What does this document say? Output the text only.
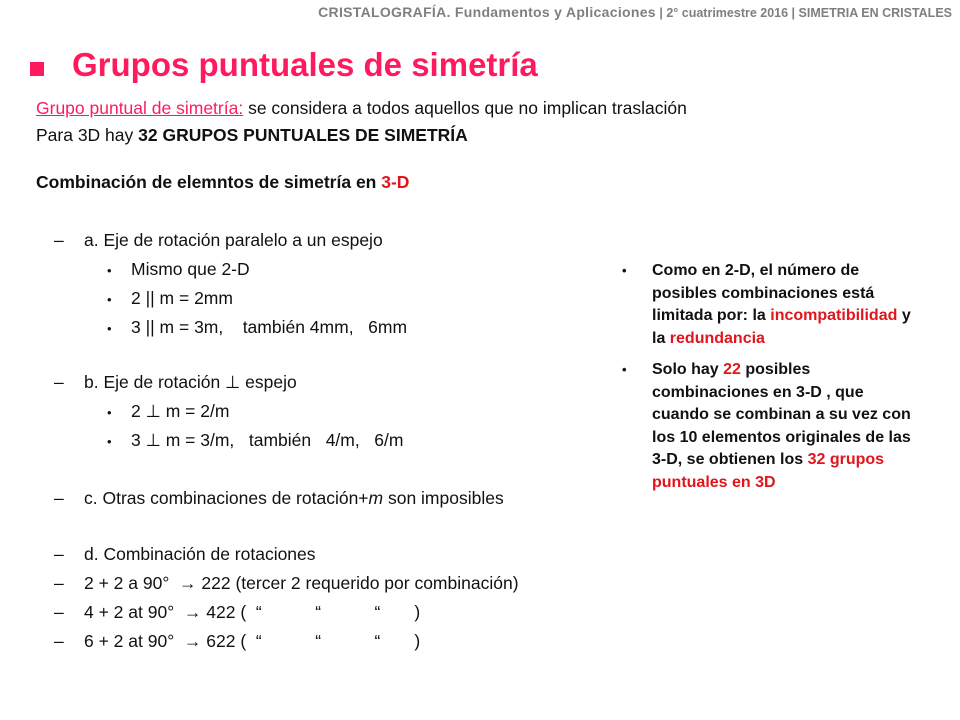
CRISTALOGRAFÍA. Fundamentos y Aplicaciones | 2° cuatrimestre 2016 | SIMETRIA EN CRISTALES
Grupos puntuales de simetría
Grupo puntual de simetría: se considera a todos aquellos que no implican traslación
Para 3D hay 32 GRUPOS PUNTUALES DE SIMETRÍA
Combinación de elemntos de simetría en 3-D
– a. Eje de rotación paralelo a un espejo
• Mismo que 2-D
• 2 || m = 2mm
• 3 || m = 3m,    también 4mm,   6mm
– b. Eje de rotación ⊥ espejo
• 2 ⊥ m = 2/m
• 3 ⊥ m = 3/m,   también   4/m,   6/m
– c. Otras combinaciones de rotación+m son imposibles
– d. Combinación de rotaciones
– 2 + 2 a 90°  → 222 (tercer 2 requerido por combinación)
– 4 + 2 at 90°  → 422 (  “           “           “       )
– 6 + 2 at 90°  → 622 (  “           “           “       )
• Como en 2-D, el número de posibles combinaciones está limitada por: la incompatibilidad y la redundancia
• Solo hay 22 posibles combinaciones en 3-D , que cuando se combinan a su vez con los 10 elementos originales de las 3-D, se obtienen los 32 grupos puntuales en 3D
